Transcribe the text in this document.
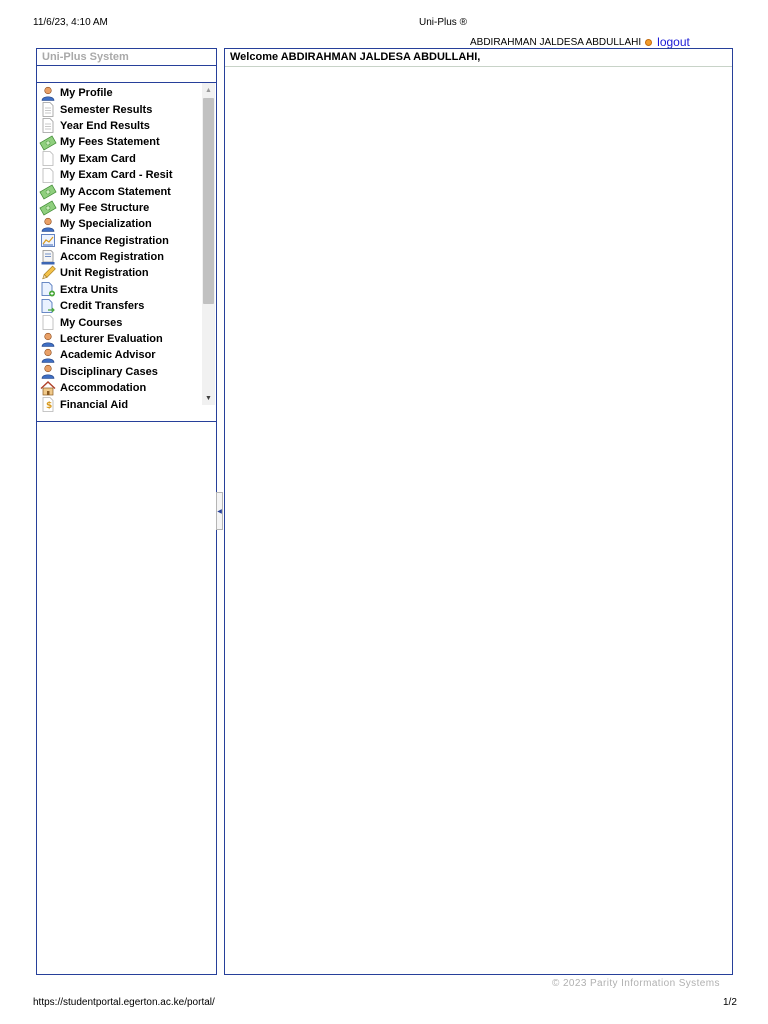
11/6/23, 4:10 AM	Uni-Plus ®
ABDIRAHMAN JALDESA ABDULLAHI logout
Uni-Plus System
My Profile
Semester Results
Year End Results
My Fees Statement
My Exam Card
My Exam Card - Resit
My Accom Statement
My Fee Structure
My Specialization
Finance Registration
Accom Registration
Unit Registration
Extra Units
Credit Transfers
My Courses
Lecturer Evaluation
Academic Advisor
Disciplinary Cases
Accommodation
$ Financial Aid
▲
▼
◀
Welcome ABDIRAHMAN JALDESA ABDULLAHI,
© 2023 Parity Information Systems
https://studentportal.egerton.ac.ke/portal/	1/2
